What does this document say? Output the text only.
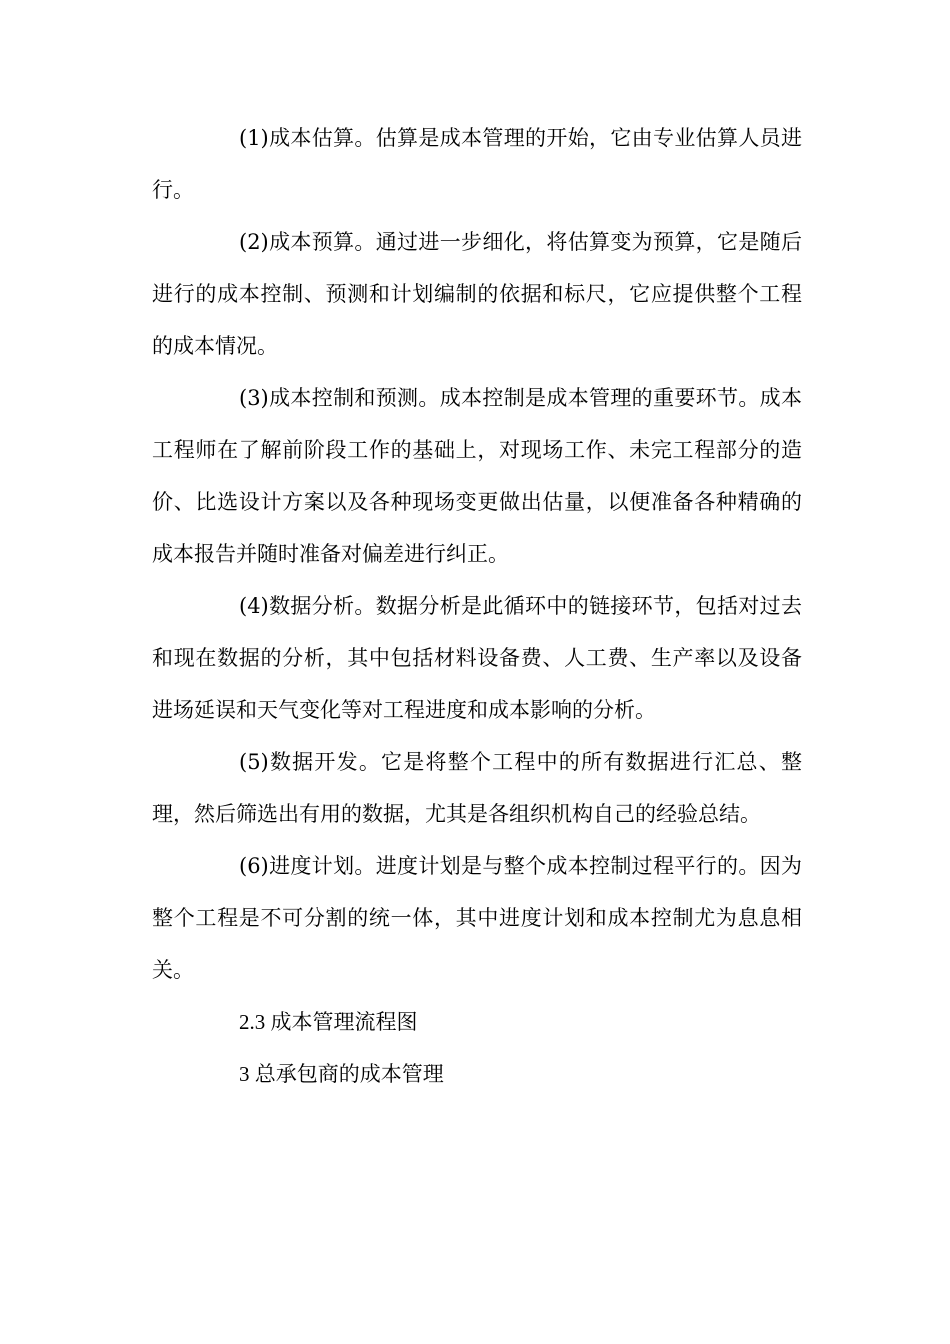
(1)成本估算。估算是成本管理的开始，它由专业估算人员进行。

(2)成本预算。通过进一步细化，将估算变为预算，它是随后进行的成本控制、预测和计划编制的依据和标尺，它应提供整个工程的成本情况。

(3)成本控制和预测。成本控制是成本管理的重要环节。成本工程师在了解前阶段工作的基础上，对现场工作、未完工程部分的造价、比选设计方案以及各种现场变更做出估量，以便准备各种精确的成本报告并随时准备对偏差进行纠正。

(4)数据分析。数据分析是此循环中的链接环节，包括对过去和现在数据的分析，其中包括材料设备费、人工费、生产率以及设备进场延误和天气变化等对工程进度和成本影响的分析。

(5)数据开发。它是将整个工程中的所有数据进行汇总、整理，然后筛选出有用的数据，尤其是各组织机构自己的经验总结。

(6)进度计划。进度计划是与整个成本控制过程平行的。因为整个工程是不可分割的统一体，其中进度计划和成本控制尤为息息相关。

2.3 成本管理流程图

3 总承包商的成本管理
